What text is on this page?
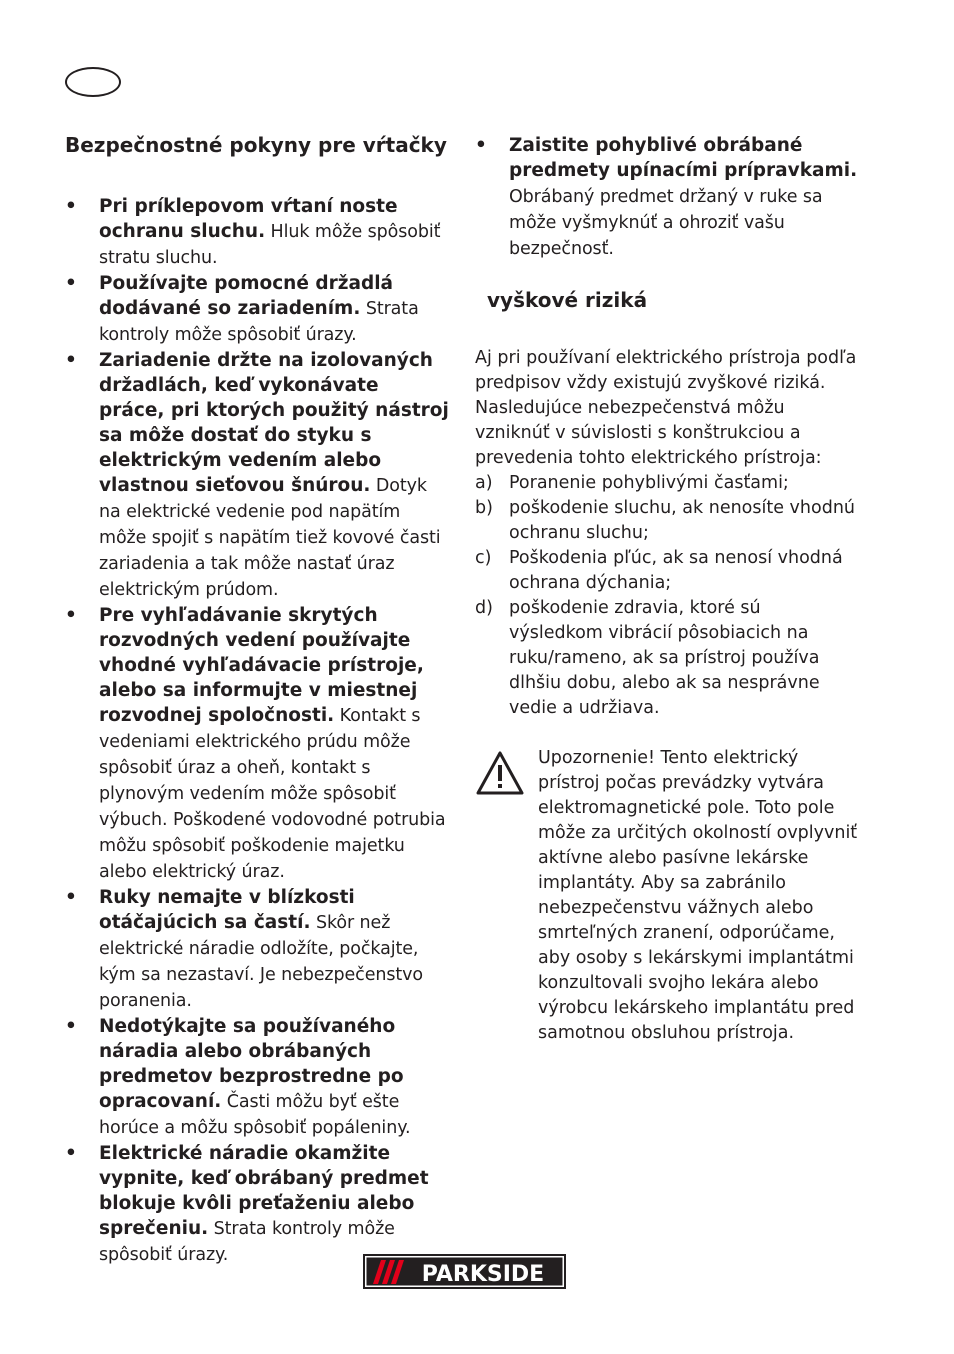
Bezpečnostné pokyny pre vŕtačky
• Pri príklepovom vŕtaní noste ochranu sluchu. Hluk môže spôsobiť stratu sluchu.
• Používajte pomocné držadlá dodávané so zariadením. Strata kontroly môže spôsobiť úrazy.
• Zariadenie držte na izolovaných držadlách, keď vykonávate práce, pri ktorých použitý nástroj sa môže dostať do styku s elektrickým vedením alebo vlastnou sieťovou šnúrou. Dotyk na elektrické vedenie pod napätím môže spojiť s napätím tiež kovové časti zariadenia a tak môže nastať úraz elektrickým prúdom.
• Pre vyhľadávanie skrytých rozvodných vedení používajte vhodné vyhľadávacie prístroje, alebo sa informujte v miestnej rozvodnej spoločnosti. Kontakt s vedeniami elektrického prúdu môže spôsobiť úraz a oheň, kontakt s plynovým vedením môže spôsobiť výbuch. Poškodené vodovodné potrubia môžu spôsobiť poškodenie majetku alebo elektrický úraz.
• Ruky nemajte v blízkosti otáčajúcich sa častí. Skôr než elektrické náradie odložíte, počkajte, kým sa nezastaví. Je nebezpečenstvo poranenia.
• Nedotýkajte sa používaného náradia alebo obrábaných predmetov bezprostredne po opracovaní. Časti môžu byť ešte horúce a môžu spôsobiť popáleniny.
• Elektrické náradie okamžite vypnite, keď obrábaný predmet blokuje kvôli preťaženiu alebo sprečeniu. Strata kontroly môže spôsobiť úrazy.
• Zaistite pohyblivé obrábané predmety upínacími prípravkami. Obrábaný predmet držaný v ruke sa môže vyšmyknúť a ohroziť vašu bezpečnosť.
vyškové riziká

Aj pri používaní elektrického prístroja podľa predpisov vždy existujú zvyškové riziká. Nasledujúce nebezpečenstvá môžu vzniknúť v súvislosti s konštrukciou a prevedenia tohto elektrického prístroja:

a) Poranenie pohyblivými časťami;
b) poškodenie sluchu, ak nenosíte vhodnú ochranu sluchu;
c) Poškodenia pľúc, ak sa nenosí vhodná ochrana dýchania;
d) poškodenie zdravia, ktoré sú výsledkom vibrácií pôsobiacich na ruku/rameno, ak sa prístroj používa dlhšiu dobu, alebo ak sa nesprávne vedie a udržiava.
Upozornenie! Tento elektrický prístroj počas prevádzky vytvára elektromagnetické pole. Toto pole môže za určitých okolností ovplyvniť aktívne alebo pasívne lekárske implantáty. Aby sa zabránilo nebezpečenstvu vážnych alebo smrteľných zranení, odporúčame, aby osoby s lekárskymi implantátmi konzultovali svojho lekára alebo výrobcu lekárskeho implantátu pred samotnou obsluhou prístroja.
PARKSIDE
